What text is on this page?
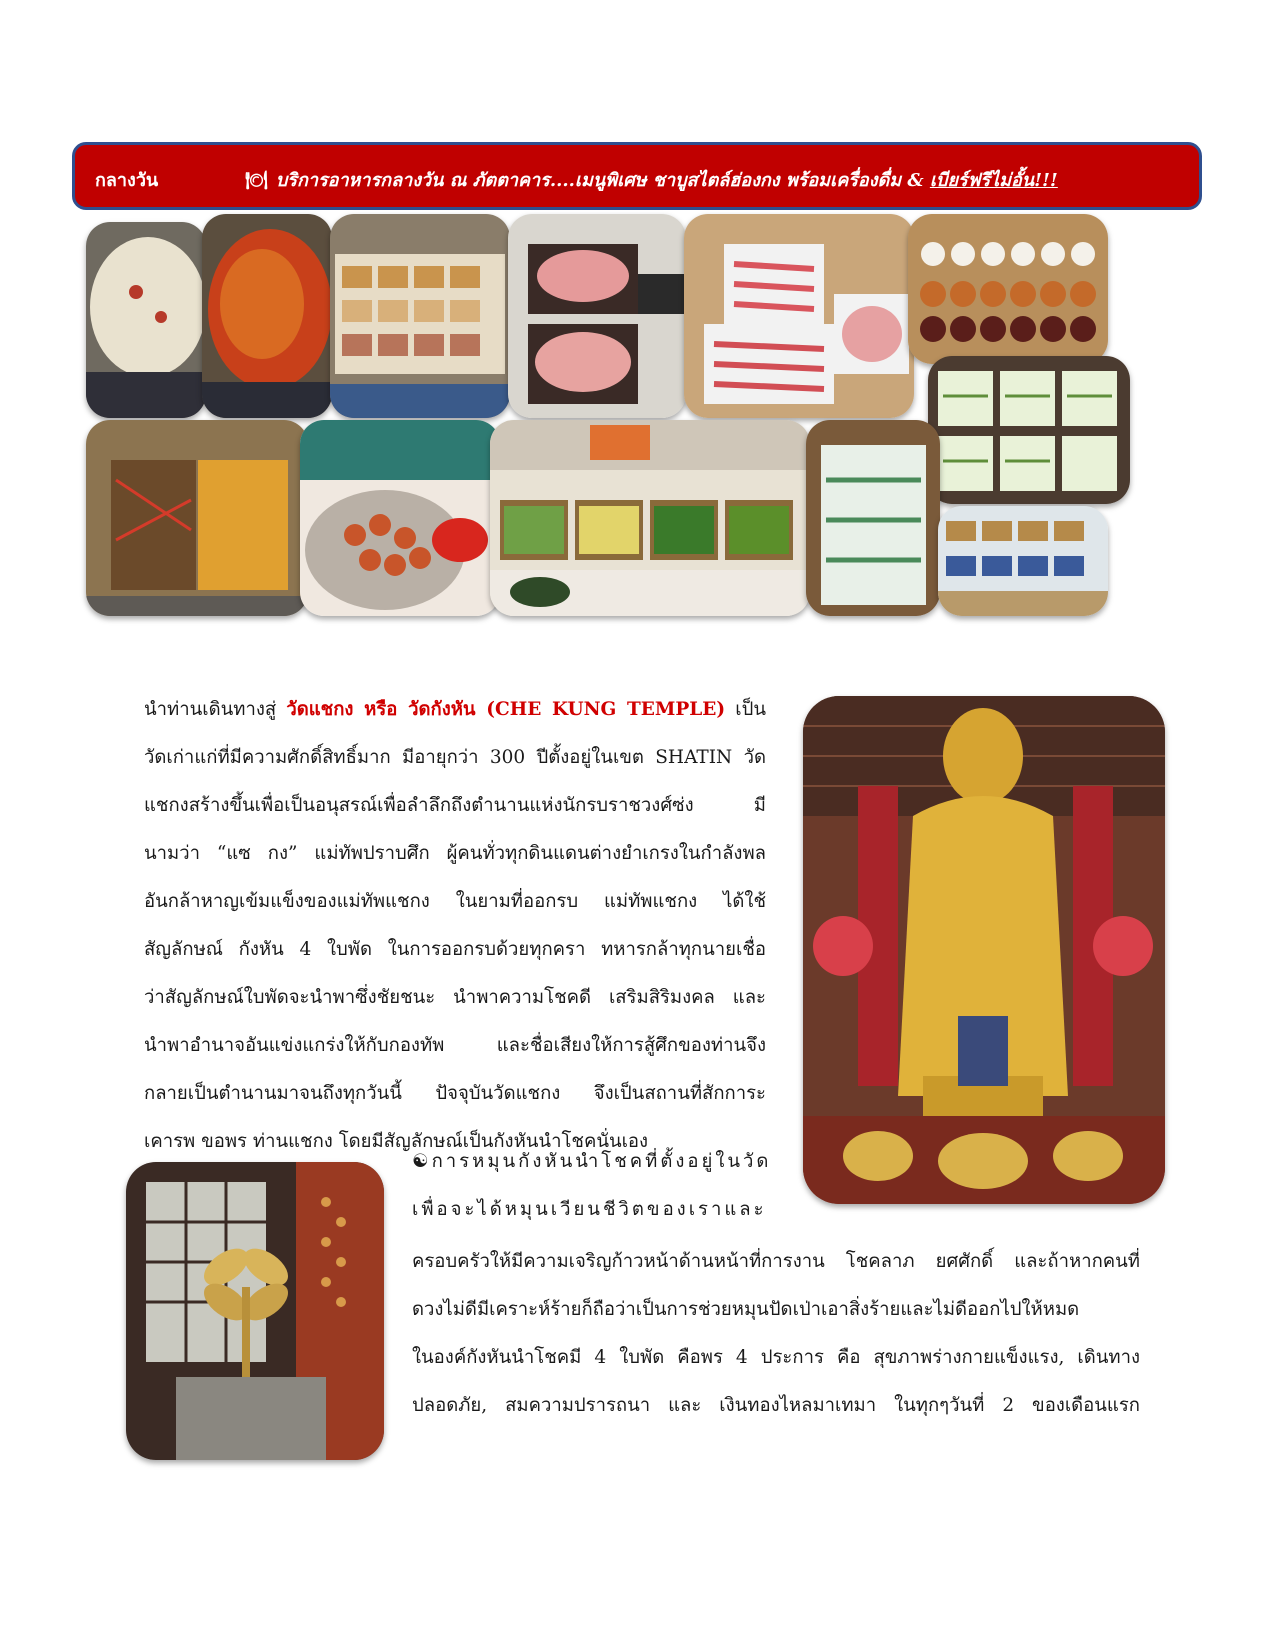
กลางวัน	🍽 บริการอาหารกลางวัน ณ ภัตตาคาร....เมนูพิเศษ ชาบูสไตล์ฮ่องกง พร้อมเครื่องดื่ม & เบียร์ฟรีไม่อั้น!!!
นำท่านเดินทางสู่ วัดแชกง หรือ วัดกังหัน (CHE KUNG TEMPLE) เป็น
วัดเก่าแก่ที่มีความศักดิ์สิทธิ์มาก มีอายุกว่า 300 ปีตั้งอยู่ในเขต SHATIN วัด
แชกงสร้างขึ้นเพื่อเป็นอนุสรณ์เพื่อลำลึกถึงตำนานแห่งนักรบราชวงศ์ซ่ง มี
นามว่า “แซ กง” แม่ทัพปราบศึก ผู้คนทั่วทุกดินแดนต่างยำเกรงในกำลังพล
อันกล้าหาญเข้มแข็งของแม่ทัพแชกง ในยามที่ออกรบ แม่ทัพแชกง ได้ใช้
สัญลักษณ์ กังหัน 4 ใบพัด ในการออกรบด้วยทุกครา ทหารกล้าทุกนายเชื่อ
ว่าสัญลักษณ์ใบพัดจะนำพาซึ่งชัยชนะ นำพาความโชคดี เสริมสิริมงคล และ
นำพาอำนาจอันแข่งแกร่งให้กับกองทัพ และชื่อเสียงให้การสู้ศึกของท่านจึง
กลายเป็นตำนานมาจนถึงทุกวันนี้ ปัจจุบันวัดแชกง จึงเป็นสถานที่สักการะ
เคารพ ขอพร ท่านแชกง โดยมีสัญลักษณ์เป็นกังหันนำโชคนั่นเอง
☯การหมุนกังหันนำโชคที่ตั้งอยู่ในวัด
เพื่อจะได้หมุนเวียนชีวิตของเราและ
ครอบครัวให้มีความเจริญก้าวหน้าด้านหน้าที่การงาน โชคลาภ ยศศักดิ์ และถ้าหากคนที่
ดวงไม่ดีมีเคราะห์ร้ายก็ถือว่าเป็นการช่วยหมุนปัดเป่าเอาสิ่งร้ายและไม่ดีออกไปให้หมด
ในองค์กังหันนำโชคมี 4 ใบพัด คือพร 4 ประการ คือ สุขภาพร่างกายแข็งแรง, เดินทาง
ปลอดภัย, สมความปรารถนา และ เงินทองไหลมาเทมา ในทุกๆวันที่ 2 ของเดือนแรก
